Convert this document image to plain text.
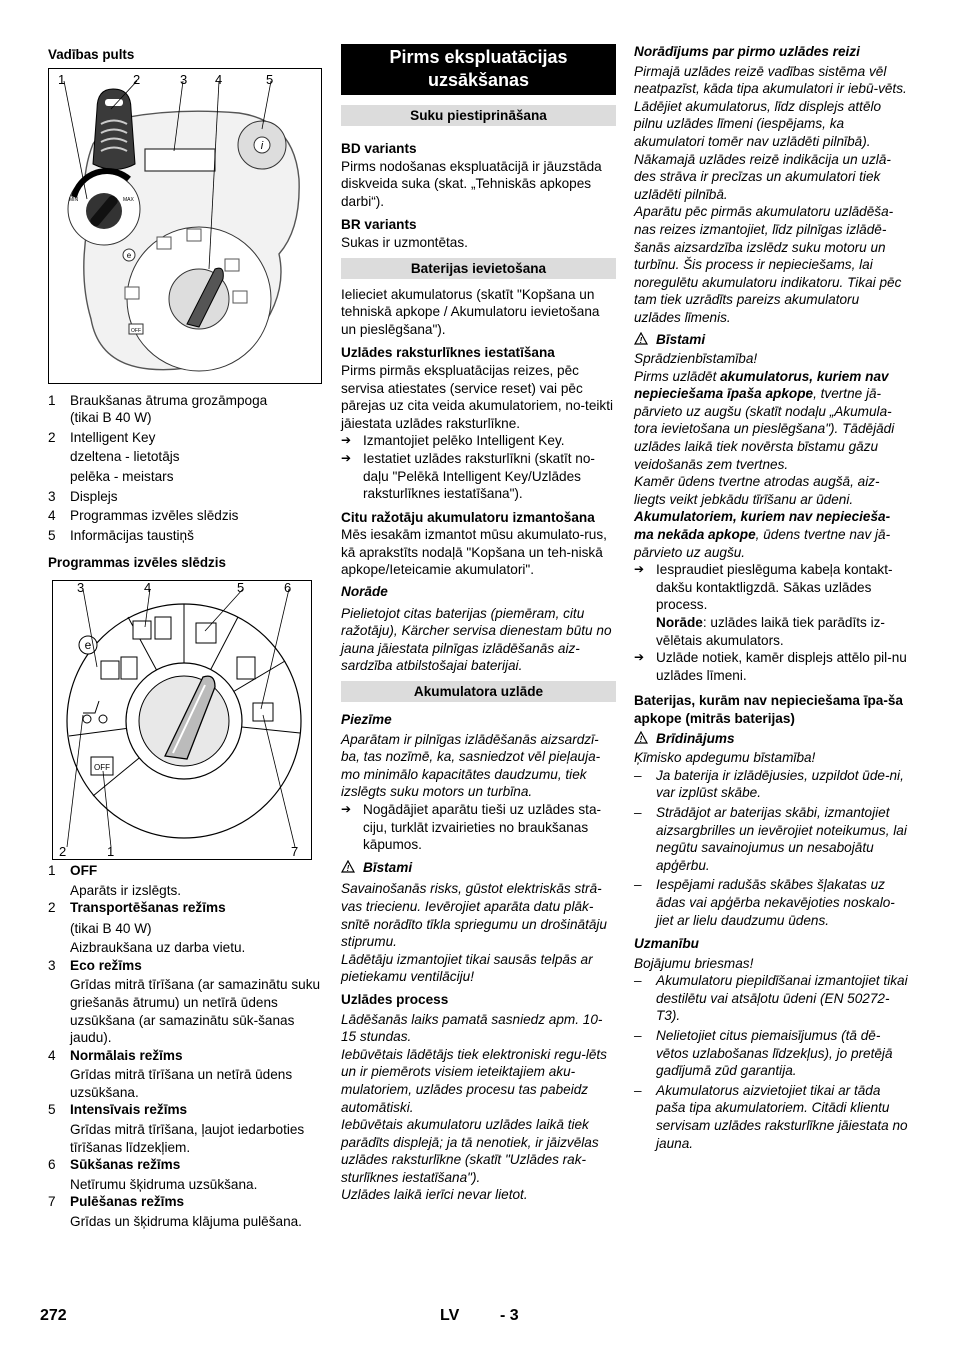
Vadības pults
i
MIN	MAX
OFF
e
1	2	3 4	5
1 Braukšanas ātruma grozāmpoga
(tikai B 40 W)
2 Intelligent Key
dzeltena - lietotājs
pelēka - meistars
3 Displejs
4 Programmas izvēles slēdzis
5 Informācijas taustiņš
Programmas izvēles slēdzis
e
OFF
3	4	5	6
2	1	7
1 OFF
Aparāts ir izslēgts.
2 Transportēšanas režīms
(tikai B 40 W)
Aizbraukšana uz darba vietu.
3 Eco režīms
Grīdas mitrā tīrīšana (ar samazinātu suku griešanās ātrumu) un netīrā ūdens uzsūkšana (ar samazinātu sūk-šanas jaudu).
4 Normālais režīms
Grīdas mitrā tīrīšana un netīrā ūdens uzsūkšana.
5 Intensīvais režīms
Grīdas mitrā tīrīšana, ļaujot iedarboties tīrīšanas līdzekļiem.
6 Sūkšanas režīms
Netīrumu šķidruma uzsūkšana.
7 Pulēšanas režīms
Grīdas un šķidruma klājuma pulēšana.
Pirms ekspluatācijas uzsākšanas
Suku piestiprināšana
BD variants

Pirms nodošanas ekspluatācijā ir jāuzstāda diskveida suka (skat. „Tehniskās apkopes darbi“).

BR variants

Sukas ir uzmontētas.

Baterijas ievietošana

Ielieciet akumulatorus (skatīt "Kopšana un tehniskā apkope / Akumulatoru ievietošana un pieslēgšana").

Uzlādes raksturlīknes iestatīšana

Pirms pirmās ekspluatācijas reizes, pēc servisa atiestates (service reset) vai pēc pārejas uz cita veida akumulatoriem, no-teikti jāiestata uzlādes raksturlīkne.

➔ Izmantojiet pelēko Intelligent Key.
➔ Iestatiet uzlādes raksturlīkni (skatīt no-daļu "Pelēkā Intelligent Key/Uzlādes raksturlīknes iestatīšana").
Citu ražotāju akumulatoru izmantošana

Mēs iesakām izmantot mūsu akumulato-rus, kā aprakstīts nodaļā "Kopšana un teh-niskā apkope/Ieteicamie akumulatori".

Norāde

Pielietojot citas baterijas (piemēram, citu ražotāju), Kärcher servisa dienestam būtu no jauna jāiestata pilnīgas izlādēšanās aiz-sardzība atbilstošajai baterijai.

Akumulatora uzlāde
Piezīme

Aparātam ir pilnīgas izlādēšanās aizsardzī-ba, tas nozīmē, ka, sasniedzot vēl pieļauja-mo minimālo kapacitātes daudzumu, tiek izslēgts suku motors un turbīna.

➔ Nogādājiet aparātu tieši uz uzlādes sta-ciju, turklāt izvairieties no braukšanas kāpumos.
! Bīstami

Savainošanās risks, gūstot elektriskās strā-vas triecienu. Ievērojiet aparāta datu plāk-snītē norādīto tīkla spriegumu un drošinātāju stiprumu.

Lādētāju izmantojiet tikai sausās telpās ar pietiekamu ventilāciju!

Uzlādes process

Lādēšanās laiks pamatā sasniedz apm. 10-15 stundas.

Iebūvētais lādētājs tiek elektroniski regu-lēts un ir piemērots visiem ieteiktajiem aku-mulatoriem, uzlādes procesu tas pabeidz automātiski.

Iebūvētais akumulatoru uzlādes laikā tiek parādīts displejā; ja tā nenotiek, ir jāizvēlas uzlādes raksturlīkne (skatīt "Uzlādes rak-sturlīknes iestatīšana").

Uzlādes laikā ierīci nevar lietot.

Norādījums par pirmo uzlādes reizi

Pirmajā uzlādes reizē vadības sistēma vēl neatpazīst, kāda tipa akumulatori ir iebū-vēts. Lādējiet akumulatorus, līdz displejs attēlo pilnu uzlādes līmeni (iespējams, ka akumulatori tomēr nav uzlādēti pilnībā).

Nākamajā uzlādes reizē indikācija un uzlā-des strāva ir precīzas un akumulatori tiek uzlādēti pilnībā.

Aparātu pēc pirmās akumulatoru uzlādēša-nas reizes izmantojiet, līdz pilnīgas izlādē-šanās aizsardzība izslēdz suku motoru un turbīnu. Šis process ir nepieciešams, lai noregulētu akumulatoru indikatoru. Tikai pēc tam tiek uzrādīts pareizs akumulatoru uzlādes līmenis.

! Bīstami

Sprādzienbīstamība!

Pirms uzlādēt akumulatorus, kuriem nav nepieciešama īpaša apkope, tvertne jā-pārvieto uz augšu (skatīt nodaļu „Akumula-tora ievietošana un pieslēgšana"). Tādējādi uzlādes laikā tiek novērsta bīstamu gāzu veidošanās zem tvertnes.

Kamēr ūdens tvertne atrodas augšā, aiz-liegts veikt jebkādu tīrīšanu ar ūdeni.

Akumulatoriem, kuriem nav nepiecieša-ma nekāda apkope, ūdens tvertne nav jā-pārvieto uz augšu.

➔ Iespraudiet pieslēguma kabeļa kontakt-dakšu kontaktligzdā. Sākas uzlādes process.
Norāde: uzlādes laikā tiek parādīts iz-vēlētais akumulators.
➔ Uzlāde notiek, kamēr displejs attēlo pil-nu uzlādes līmeni.
Baterijas, kurām nav nepieciešama īpa-ša apkope (mitrās baterijas)
! Brīdinājums

Ķīmisko apdegumu bīstamība!

– Ja baterija ir izlādējusies, uzpildot ūde-ni, var izplūst skābe.
– Strādājot ar baterijas skābi, izmantojiet aizsargbrilles un ievērojiet noteikumus, lai negūtu savainojumus un nesabojātu apģērbu.
– Iespējami radušās skābes šļakatas uz ādas vai apģērba nekavējoties noskalo-jiet ar lielu daudzumu ūdens.
Uzmanību

Bojājumu briesmas!

– Akumulatoru piepildīšanai izmantojiet tikai destilētu vai atsāļotu ūdeni (EN 50272-T3).
– Nelietojiet citus piemaisījumus (tā dē-vētos uzlabošanas līdzekļus), jo pretējā gadījumā zūd garantija.
– Akumulatorus aizvietojiet tikai ar tāda paša tipa akumulatoriem. Citādi klientu servisam uzlādes raksturlīkne jāiestata no jauna.
272	LV	- 3
